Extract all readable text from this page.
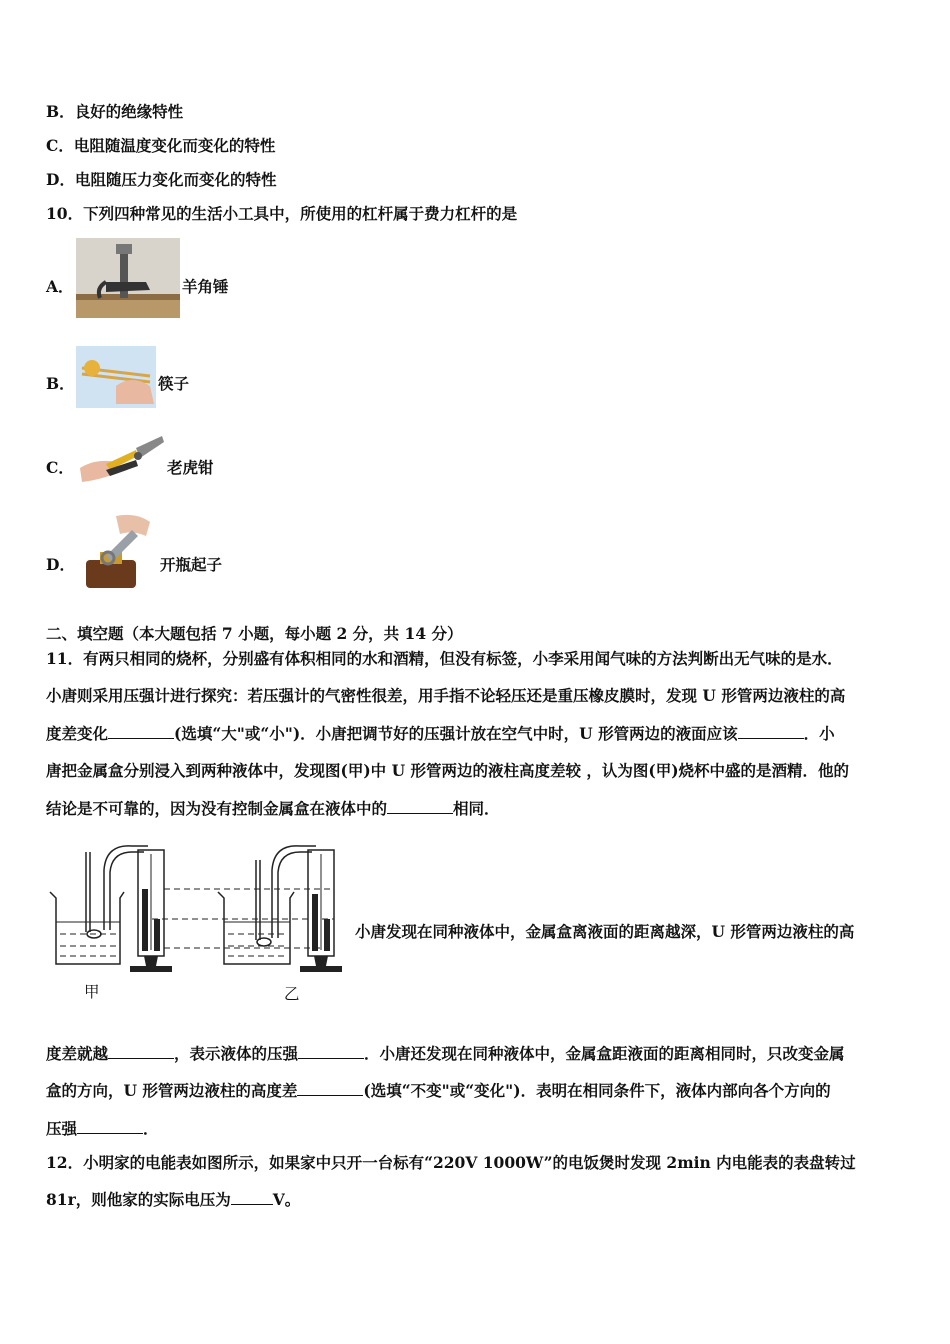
B．良好的绝缘特性
C．电阻随温度变化而变化的特性
D．电阻随压力变化而变化的特性
10．下列四种常见的生活小工具中，所使用的杠杆属于费力杠杆的是
A．	羊角锤
B．	筷子
C．	老虎钳
D．	开瓶起子
二、填空题（本大题包括 7 小题，每小题 2 分，共 14 分）
11．有两只相同的烧杯，分别盛有体积相同的水和酒精，但没有标签，小李采用闻气味的方法判断出无气味的是水．
小唐则采用压强计进行探究：若压强计的气密性很差，用手指不论轻压还是重压橡皮膜时，发现 U 形管两边液柱的高
度差变化	(选填“大"或“小")．小唐把调节好的压强计放在空气中时，U 形管两边的液面应该	．小
唐把金属盒分别浸入到两种液体中，发现图(甲)中 U 形管两边的液柱高度差较 ，认为图(甲)烧杯中盛的是酒精．他的
结论是不可靠的，因为没有控制金属盒在液体中的	相同．
甲	乙
小唐发现在同种液体中，金属盒离液面的距离越深，U 形管两边液柱的高
度差就越	，表示液体的压强	．小唐还发现在同种液体中，金属盒距液面的距离相同时，只改变金属
盒的方向，U 形管两边液柱的高度差	(选填“不变"或“变化")．表明在相同条件下，液体内部向各个方向的
压强	．
12．小明家的电能表如图所示，如果家中只开一台标有“220V 1000W”的电饭煲时发现 2min 内电能表的表盘转过
81r，则他家的实际电压为	V。
